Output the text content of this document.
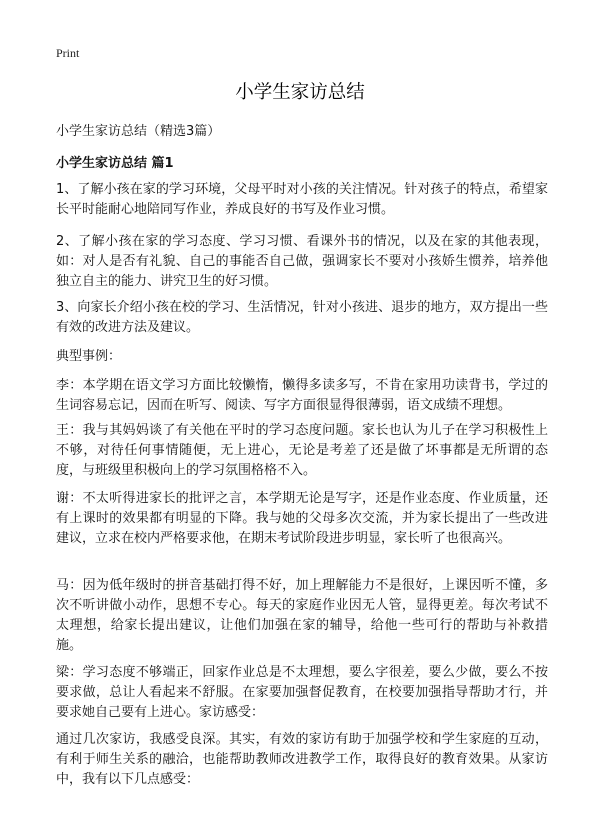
Print
小学生家访总结
小学生家访总结（精选3篇）
小学生家访总结 篇1
1、了解小孩在家的学习环境，父母平时对小孩的关注情况。针对孩子的特点，希望家长平时能耐心地陪同写作业，养成良好的书写及作业习惯。
2、了解小孩在家的学习态度、学习习惯、看课外书的情况，以及在家的其他表现，如：对人是否有礼貌、自己的事能否自己做，强调家长不要对小孩娇生惯养，培养他独立自主的能力、讲究卫生的好习惯。
3、向家长介绍小孩在校的学习、生活情况，针对小孩进、退步的地方，双方提出一些有效的改进方法及建议。
典型事例：
李：本学期在语文学习方面比较懒惰，懒得多读多写，不肯在家用功读背书，学过的生词容易忘记，因而在听写、阅读、写字方面很显得很薄弱，语文成绩不理想。
王：我与其妈妈谈了有关他在平时的学习态度问题。家长也认为儿子在学习积极性上不够，对待任何事情随便，无上进心，无论是考差了还是做了坏事都是无所谓的态度，与班级里积极向上的学习氛围格格不入。
谢：不太听得进家长的批评之言，本学期无论是写字，还是作业态度、作业质量，还有上课时的效果都有明显的下降。我与她的父母多次交流，并为家长提出了一些改进建议，立求在校内严格要求他，在期末考试阶段进步明显，家长听了也很高兴。
马：因为低年级时的拼音基础打得不好，加上理解能力不是很好，上课因听不懂，多次不听讲做小动作，思想不专心。每天的家庭作业因无人管，显得更差。每次考试不太理想，给家长提出建议，让他们加强在家的辅导，给他一些可行的帮助与补救措施。
梁：学习态度不够端正，回家作业总是不太理想，要么字很差，要么少做，要么不按要求做，总让人看起来不舒服。在家要加强督促教育，在校要加强指导帮助才行，并要求她自己要有上进心。家访感受：
通过几次家访，我感受良深。其实，有效的家访有助于加强学校和学生家庭的互动，有利于师生关系的融洽，也能帮助教师改进教学工作，取得良好的教育效果。从家访中，我有以下几点感受：
